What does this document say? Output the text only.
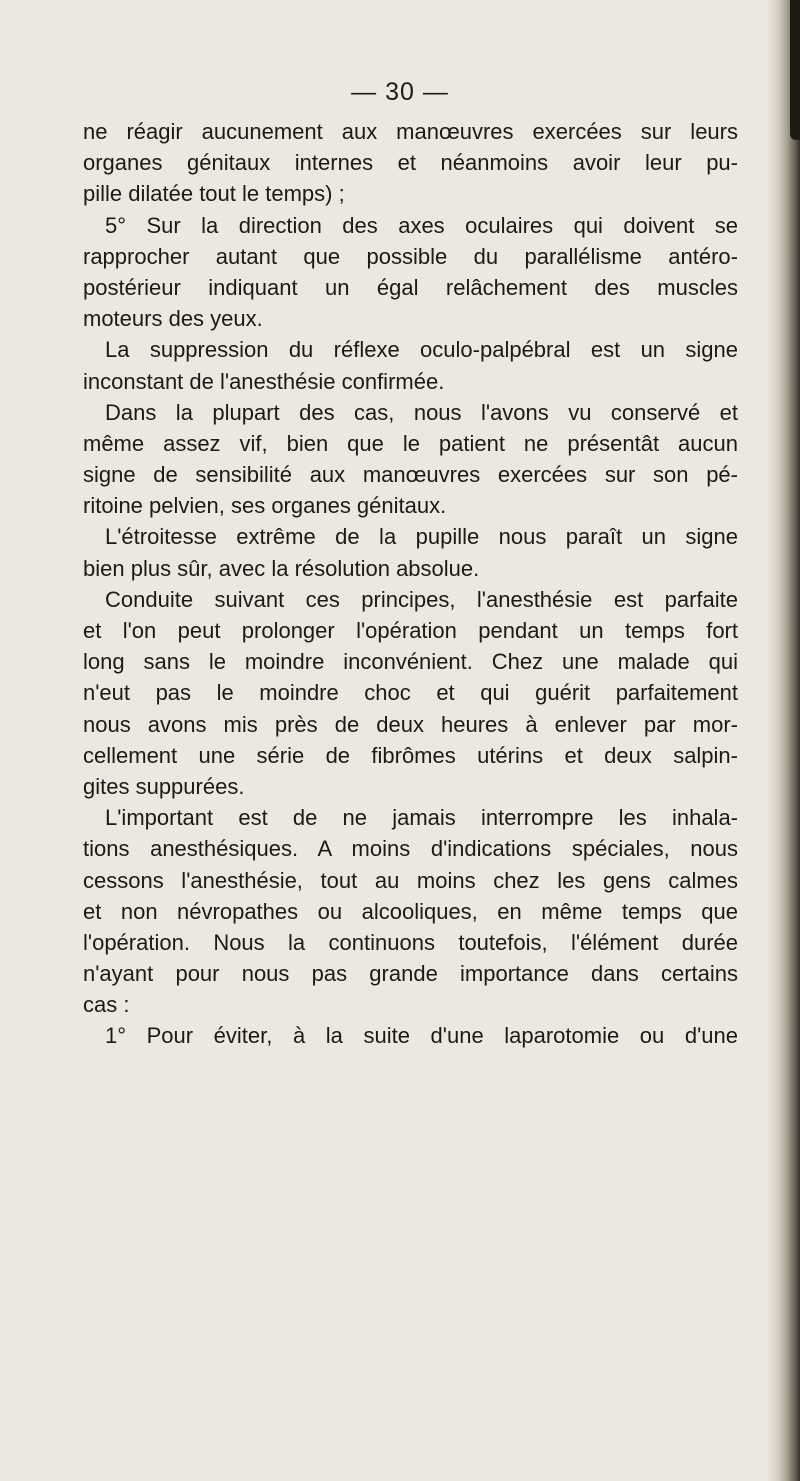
— 30 —
ne réagir aucunement aux manœuvres exercées sur leurs
organes génitaux internes et néanmoins avoir leur pu-
pille dilatée tout le temps) ;
5° Sur la direction des axes oculaires qui doivent se
rapprocher autant que possible du parallélisme antéro-
postérieur indiquant un égal relâchement des muscles
moteurs des yeux.
La suppression du réflexe oculo-palpébral est un signe
inconstant de l'anesthésie confirmée.
Dans la plupart des cas, nous l'avons vu conservé et
même assez vif, bien que le patient ne présentât aucun
signe de sensibilité aux manœuvres exercées sur son pé-
ritoine pelvien, ses organes génitaux.
L'étroitesse extrême de la pupille nous paraît un signe
bien plus sûr, avec la résolution absolue.
Conduite suivant ces principes, l'anesthésie est parfaite
et l'on peut prolonger l'opération pendant un temps fort
long sans le moindre inconvénient. Chez une malade qui
n'eut pas le moindre choc et qui guérit parfaitement
nous avons mis près de deux heures à enlever par mor-
cellement une série de fibrômes utérins et deux salpin-
gites suppurées.
L'important est de ne jamais interrompre les inhala-
tions anesthésiques. A moins d'indications spéciales, nous
cessons l'anesthésie, tout au moins chez les gens calmes
et non névropathes ou alcooliques, en même temps que
l'opération. Nous la continuons toutefois, l'élément durée
n'ayant pour nous pas grande importance dans certains
cas :
1° Pour éviter, à la suite d'une laparotomie ou d'une
